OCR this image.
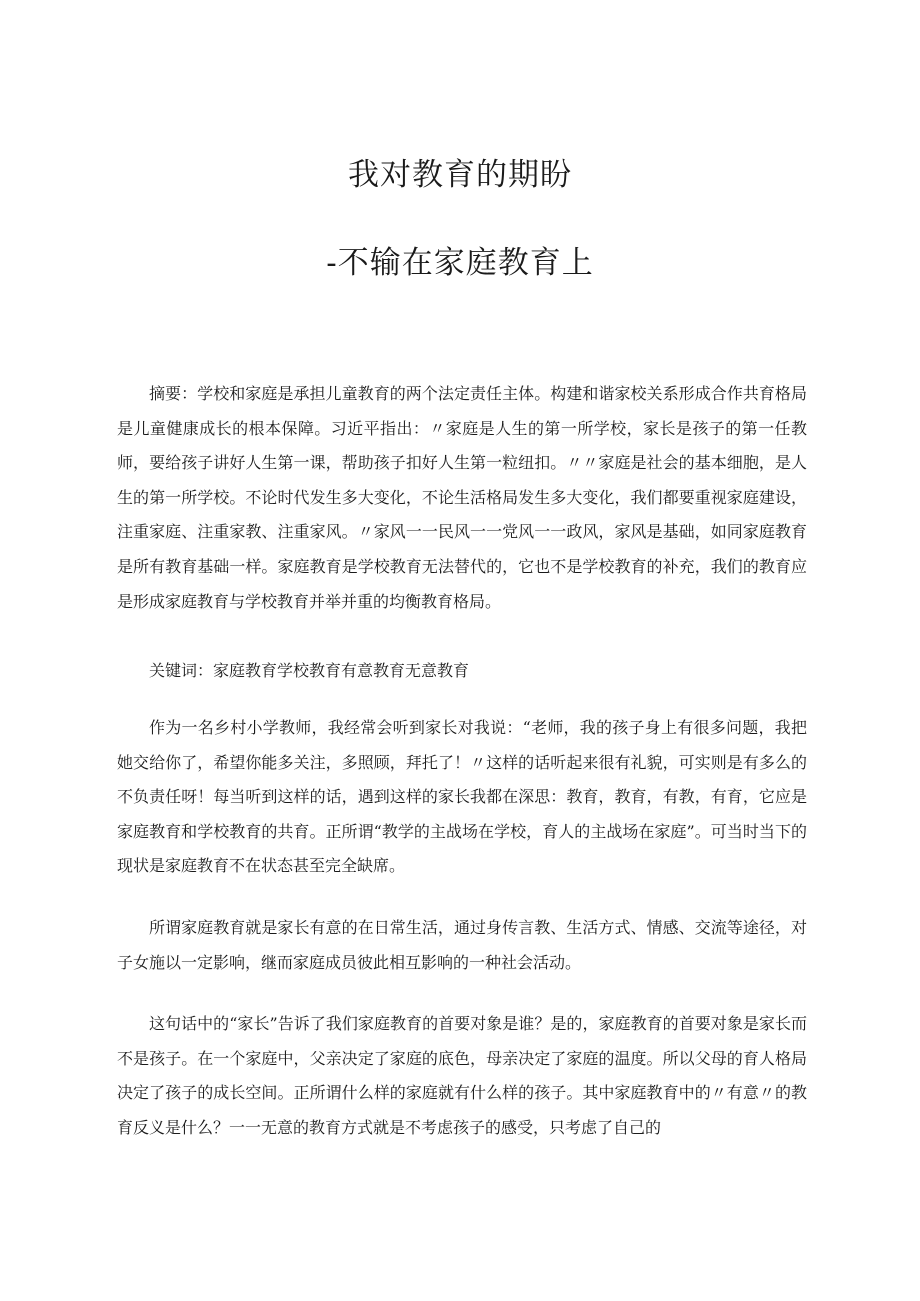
我对教育的期盼
-不输在家庭教育上

摘要：学校和家庭是承担儿童教育的两个法定责任主体。构建和谐家校关系形成合作共育格局是儿童健康成长的根本保障。习近平指出：〃家庭是人生的第一所学校，家长是孩子的第一任教师，要给孩子讲好人生第一课，帮助孩子扣好人生第一粒纽扣。〃〃家庭是社会的基本细胞，是人生的第一所学校。不论时代发生多大变化，不论生活格局发生多大变化，我们都要重视家庭建设，注重家庭、注重家教、注重家风。〃家风一一民风一一党风一一政风，家风是基础，如同家庭教育是所有教育基础一样。家庭教育是学校教育无法替代的，它也不是学校教育的补充，我们的教育应是形成家庭教育与学校教育并举并重的均衡教育格局。

关键词：家庭教育学校教育有意教育无意教育

作为一名乡村小学教师，我经常会听到家长对我说：“老师，我的孩子身上有很多问题，我把她交给你了，希望你能多关注，多照顾，拜托了！〃这样的话听起来很有礼貌，可实则是有多么的不负责任呀！每当听到这样的话，遇到这样的家长我都在深思：教育，教育，有教，有育，它应是家庭教育和学校教育的共育。正所谓“教学的主战场在学校，育人的主战场在家庭”。可当时当下的现状是家庭教育不在状态甚至完全缺席。

所谓家庭教育就是家长有意的在日常生活，通过身传言教、生活方式、情感、交流等途径，对子女施以一定影响，继而家庭成员彼此相互影响的一种社会活动。

这句话中的“家长”告诉了我们家庭教育的首要对象是谁？是的，家庭教育的首要对象是家长而不是孩子。在一个家庭中，父亲决定了家庭的底色，母亲决定了家庭的温度。所以父母的育人格局决定了孩子的成长空间。正所谓什么样的家庭就有什么样的孩子。其中家庭教育中的〃有意〃的教育反义是什么？一一无意的教育方式就是不考虑孩子的感受，只考虑了自己的
